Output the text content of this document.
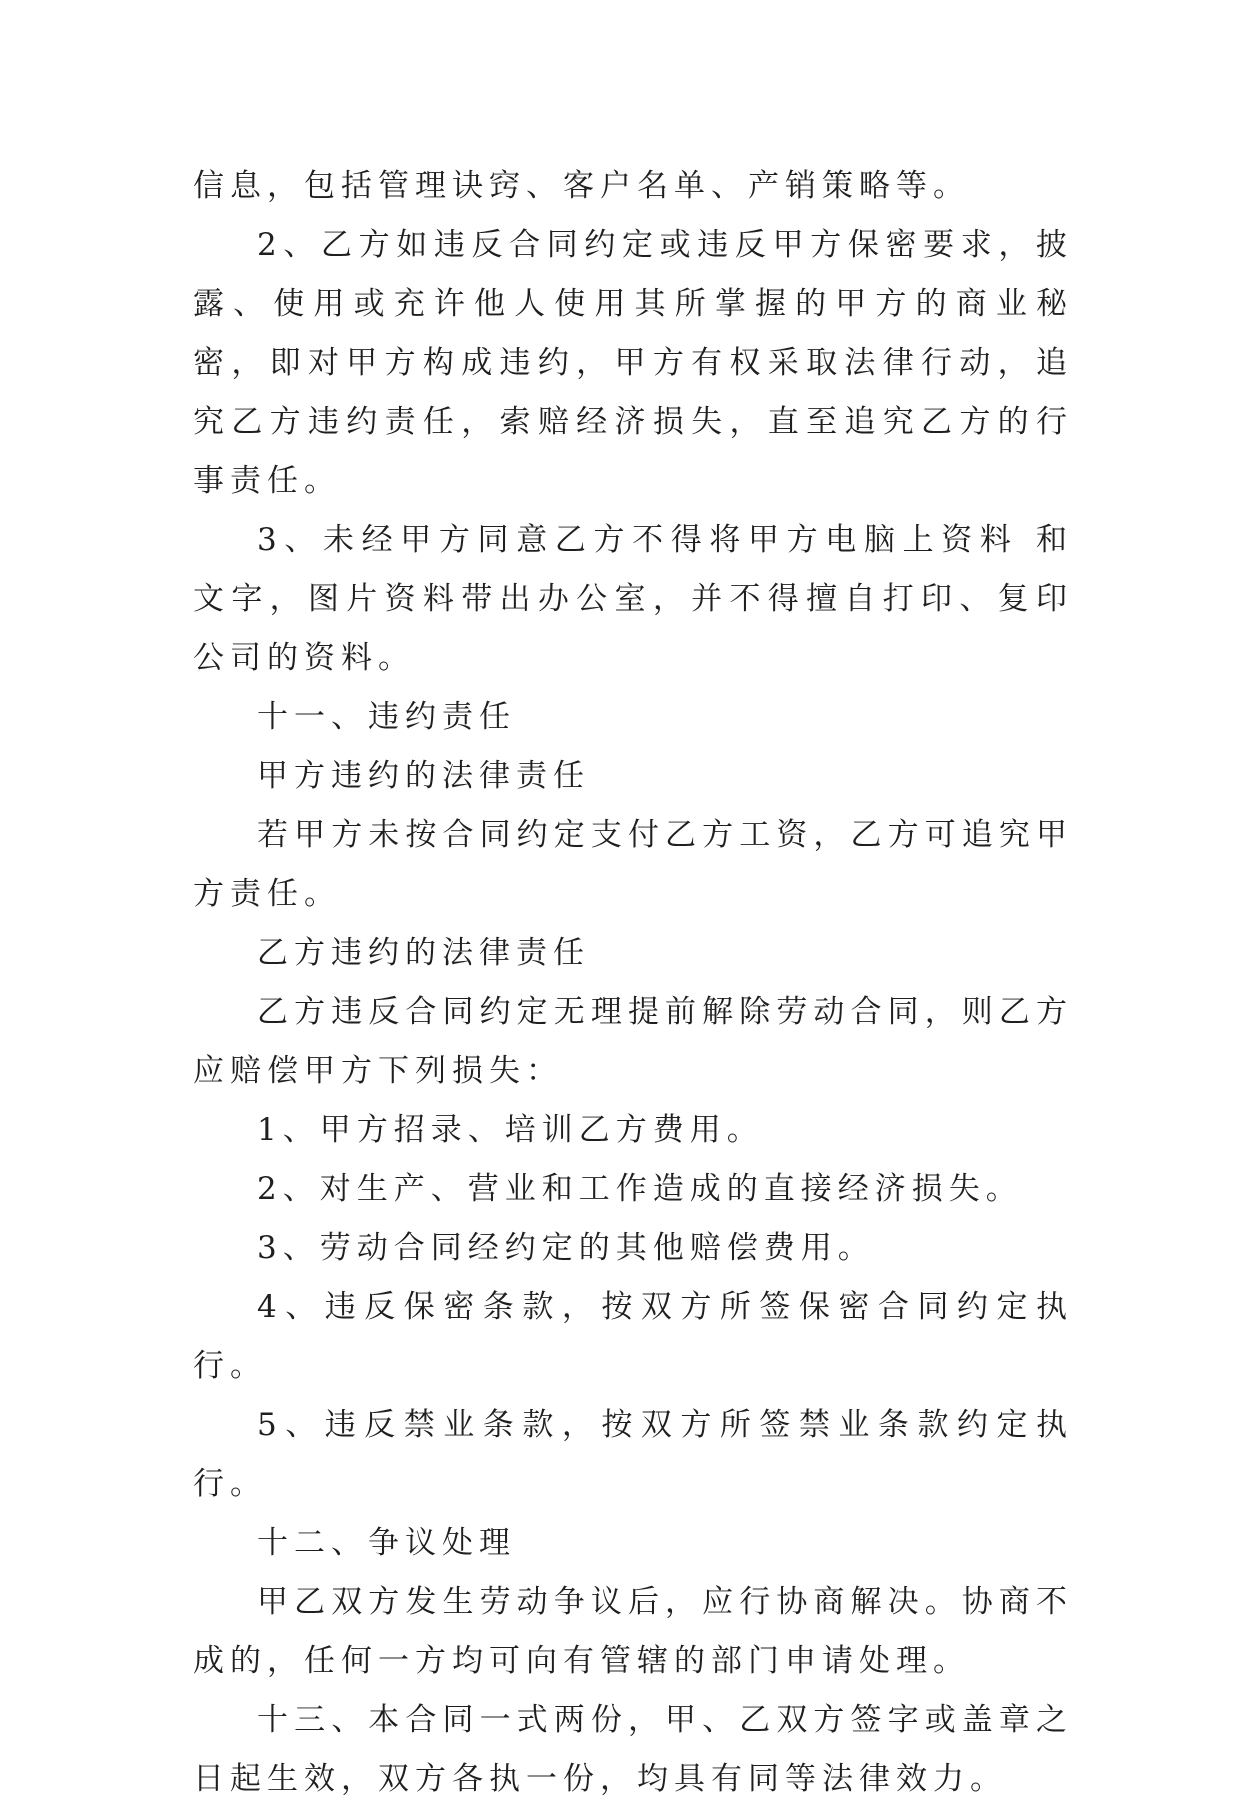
信息，包括管理诀窍、客户名单、产销策略等。

2、乙方如违反合同约定或违反甲方保密要求，披露、使用或充许他人使用其所掌握的甲方的商业秘密，即对甲方构成违约，甲方有权采取法律行动，追究乙方违约责任，索赔经济损失，直至追究乙方的行事责任。

3、未经甲方同意乙方不得将甲方电脑上资料 和文字，图片资料带出办公室，并不得擅自打印、复印公司的资料。

十一、违约责任

甲方违约的法律责任

若甲方未按合同约定支付乙方工资，乙方可追究甲方责任。

乙方违约的法律责任

乙方违反合同约定无理提前解除劳动合同，则乙方应赔偿甲方下列损失：

1、甲方招录、培训乙方费用。

2、对生产、营业和工作造成的直接经济损失。

3、劳动合同经约定的其他赔偿费用。

4、违反保密条款，按双方所签保密合同约定执行。

5、违反禁业条款，按双方所签禁业条款约定执行。

十二、争议处理

甲乙双方发生劳动争议后，应行协商解决。协商不成的，任何一方均可向有管辖的部门申请处理。

十三、本合同一式两份，甲、乙双方签字或盖章之日起生效，双方各执一份，均具有同等法律效力。
